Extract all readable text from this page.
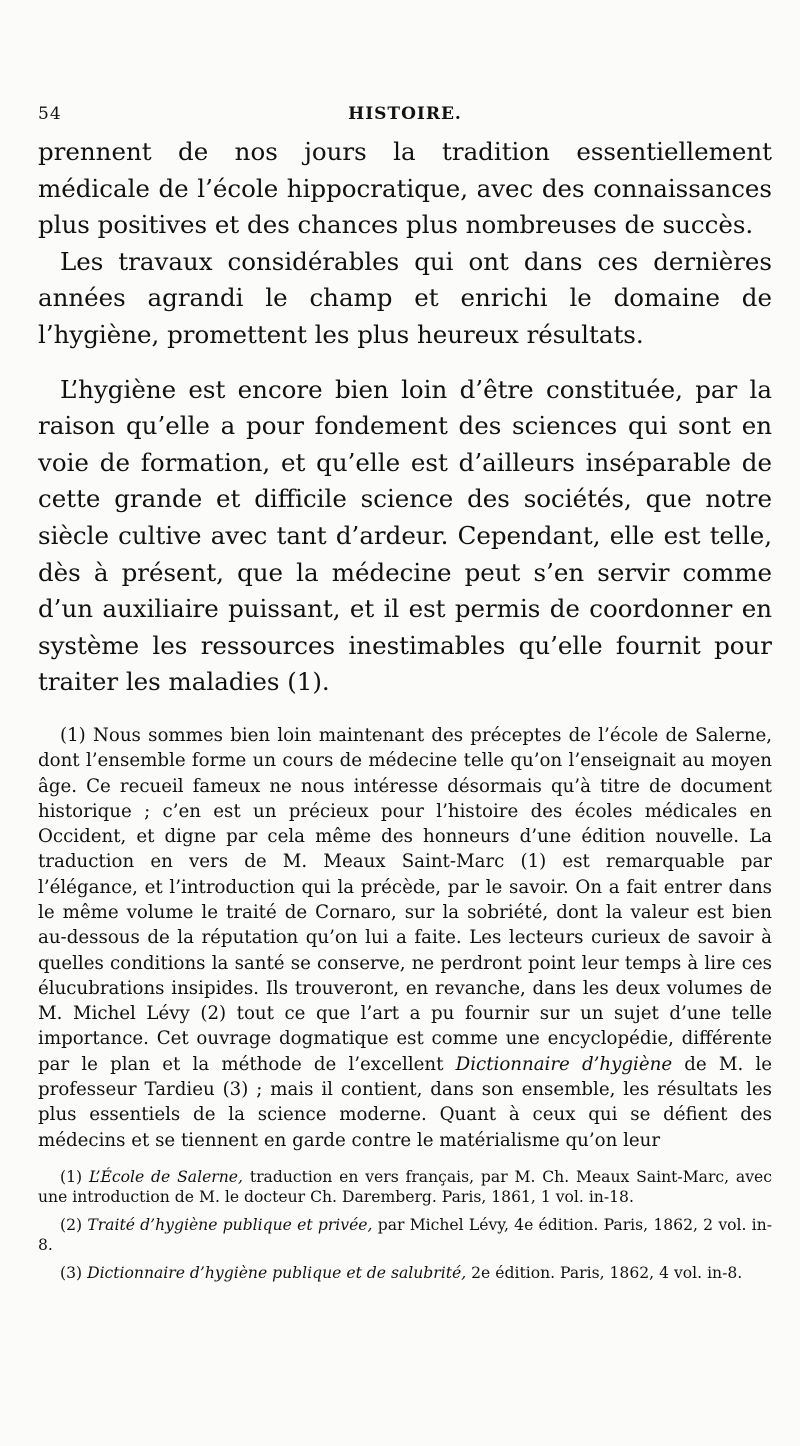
54	HISTOIRE.

prennent de nos jours la tradition essentiellement médicale de l’école hippocratique, avec des connaissances plus positives et des chances plus nombreuses de succès.

Les travaux considérables qui ont dans ces dernières années agrandi le champ et enrichi le domaine de l’hygiène, promettent les plus heureux résultats.

L’hygiène est encore bien loin d’être constituée, par la raison qu’elle a pour fondement des sciences qui sont en voie de formation, et qu’elle est d’ailleurs inséparable de cette grande et difficile science des sociétés, que notre siècle cultive avec tant d’ardeur. Cependant, elle est telle, dès à présent, que la médecine peut s’en servir comme d’un auxiliaire puissant, et il est permis de coordonner en système les ressources inestimables qu’elle fournit pour traiter les maladies (1).

(1) Nous sommes bien loin maintenant des préceptes de l’école de Salerne, dont l’ensemble forme un cours de médecine telle qu’on l’enseignait au moyen âge. Ce recueil fameux ne nous intéresse désormais qu’à titre de document historique ; c’en est un précieux pour l’histoire des écoles médicales en Occident, et digne par cela même des honneurs d’une édition nouvelle. La traduction en vers de M. Meaux Saint-Marc (1) est remarquable par l’élégance, et l’introduction qui la précède, par le savoir. On a fait entrer dans le même volume le traité de Cornaro, sur la sobriété, dont la valeur est bien au-dessous de la réputation qu’on lui a faite. Les lecteurs curieux de savoir à quelles conditions la santé se conserve, ne perdront point leur temps à lire ces élucubrations insipides. Ils trouveront, en revanche, dans les deux volumes de M. Michel Lévy (2) tout ce que l’art a pu fournir sur un sujet d’une telle importance. Cet ouvrage dogmatique est comme une encyclopédie, différente par le plan et la méthode de l’excellent Dictionnaire d’hygiène de M. le professeur Tardieu (3) ; mais il contient, dans son ensemble, les résultats les plus essentiels de la science moderne. Quant à ceux qui se défient des médecins et se tiennent en garde contre le matérialisme qu’on leur

(1) L’École de Salerne, traduction en vers français, par M. Ch. Meaux Saint-Marc, avec une introduction de M. le docteur Ch. Daremberg. Paris, 1861, 1 vol. in-18.

(2) Traité d’hygiène publique et privée, par Michel Lévy, 4e édition. Paris, 1862, 2 vol. in-8.

(3) Dictionnaire d’hygiène publique et de salubrité, 2e édition. Paris, 1862, 4 vol. in-8.
